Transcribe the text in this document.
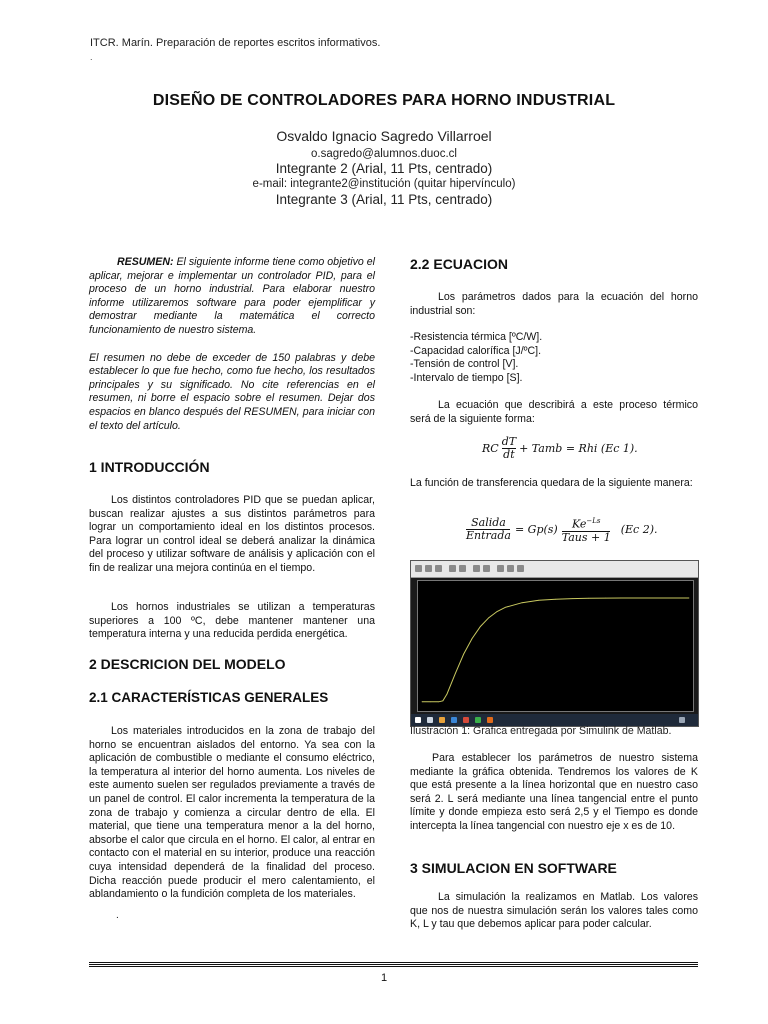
ITCR. Marín. Preparación de reportes escritos informativos.
.
DISEÑO DE CONTROLADORES PARA HORNO INDUSTRIAL
Osvaldo Ignacio Sagredo Villarroel
o.sagredo@alumnos.duoc.cl
Integrante 2 (Arial, 11 Pts, centrado)
e-mail: integrante2@institución (quitar hipervínculo)
Integrante 3 (Arial, 11 Pts, centrado)

RESUMEN: El siguiente informe tiene como objetivo el aplicar, mejorar e implementar un controlador PID, para el proceso de un horno industrial. Para elaborar nuestro informe utilizaremos software para poder ejemplificar y demostrar mediante la matemática el correcto funcionamiento de nuestro sistema.

El resumen no debe de exceder de 150 palabras y debe establecer lo que fue hecho, como fue hecho, los resultados principales y su significado. No cite referencias en el resumen, ni borre el espacio sobre el resumen. Dejar dos espacios en blanco después del RESUMEN, para iniciar con el texto del artículo.

1 INTRODUCCIÓN

Los distintos controladores PID que se puedan aplicar, buscan realizar ajustes a sus distintos parámetros para lograr un comportamiento ideal en los distintos procesos. Para lograr un control ideal se deberá analizar la dinámica del proceso y utilizar software de análisis y aplicación con el fin de realizar una mejora continúa en el tiempo.

Los hornos industriales se utilizan a temperaturas superiores a 100 ºC, debe mantener mantener una temperatura interna y una reducida perdida energética.

2 DESCRICION DEL MODELO
2.1 CARACTERÍSTICAS GENERALES

Los materiales introducidos en la zona de trabajo del horno se encuentran aislados del entorno. Ya sea con la aplicación de combustible o mediante el consumo eléctrico, la temperatura al interior del horno aumenta. Los niveles de este aumento suelen ser regulados previamente a través de un panel de control. El calor incrementa la temperatura de la zona de trabajo y comienza a circular dentro de ella. El material, que tiene una temperatura menor a la del horno, absorbe el calor que circula en el horno. El calor, al entrar en contacto con el material en su interior, produce una reacción cuya intensidad dependerá de la finalidad del proceso. Dicha reacción puede producir el mero calentamiento, el ablandamiento o la fundición completa de los materiales.

.
2.2 ECUACION

Los parámetros dados para la ecuación del horno industrial son:

-Resistencia térmica [ºC/W].

-Capacidad calorífica [J/ºC].

-Tensión de control [V].

-Intervalo de tiempo [S].

La ecuación que describirá a este proceso térmico será de la siguiente forma:

RC
dT
dt + Tamb = Rhi (Ec 1).

La función de transferencia quedara de la siguiente manera:

Salida
Entrada = Gp(s) $Ke^{-Ls}$
Taus + 1
(Ec 2).
Ilustración 1: Grafica entregada por Simulink de Matlab.

Para establecer los parámetros de nuestro sistema mediante la gráfica obtenida. Tendremos los valores de K que está presente a la línea horizontal que en nuestro caso será 2. L será mediante una línea tangencial entre el punto límite y donde empieza esto será 2,5 y el Tiempo es donde intercepta la línea tangencial con nuestro eje x es de 10.

3 SIMULACION EN SOFTWARE

La simulación la realizamos en Matlab. Los valores que nos de nuestra simulación serán los valores tales como K, L y tau que debemos aplicar para poder calcular.

1
